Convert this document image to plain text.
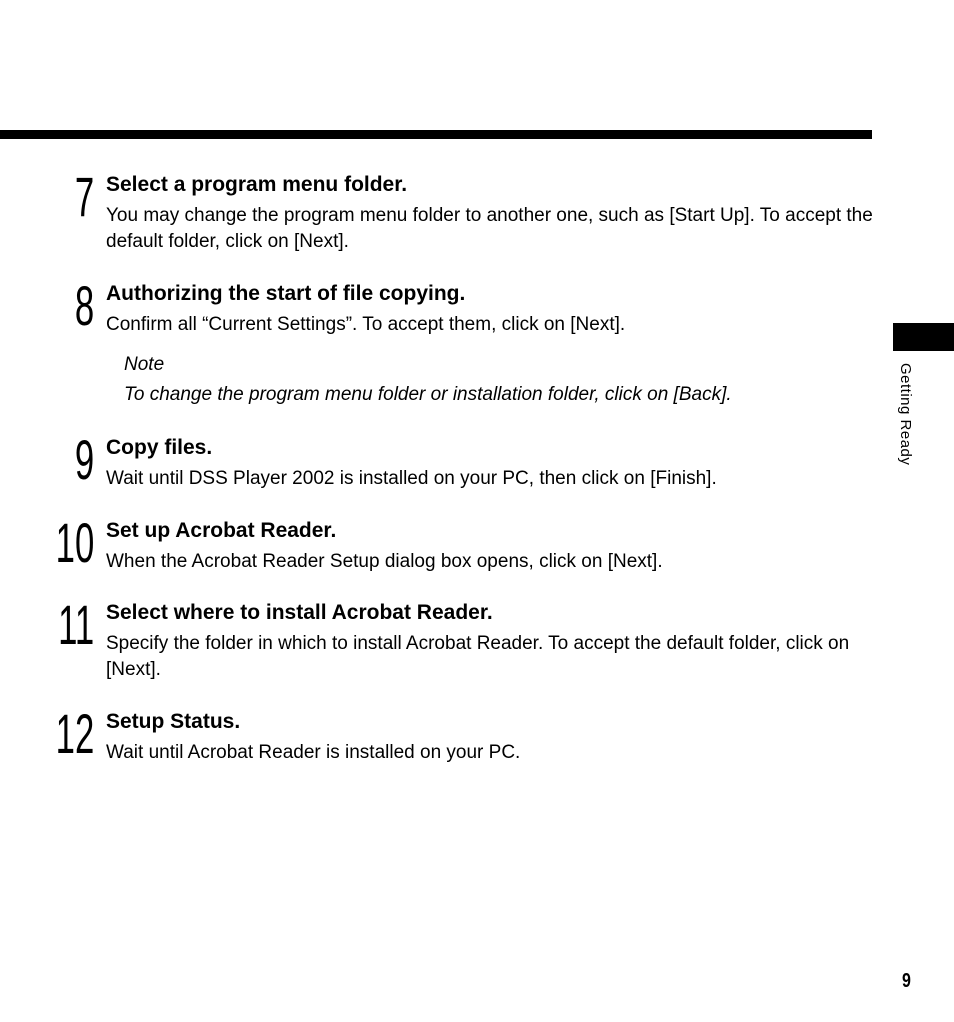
Getting Ready
7 Select a program menu folder.
You may change the program menu folder to another one, such as [Start Up]. To accept the default folder, click on [Next].
8 Authorizing the start of file copying.
Confirm all “Current Settings”. To accept them, click on [Next].
Note
To change the program menu folder or installation folder, click on [Back].
9 Copy files.
Wait until DSS Player 2002 is installed on your PC, then click on [Finish].
10 Set up Acrobat Reader.
When the Acrobat Reader Setup dialog box opens, click on [Next].
11 Select where to install Acrobat Reader.
Specify the folder in which to install Acrobat Reader. To accept the default folder, click on [Next].
12 Setup Status.
Wait until Acrobat Reader is installed on your PC.
9
